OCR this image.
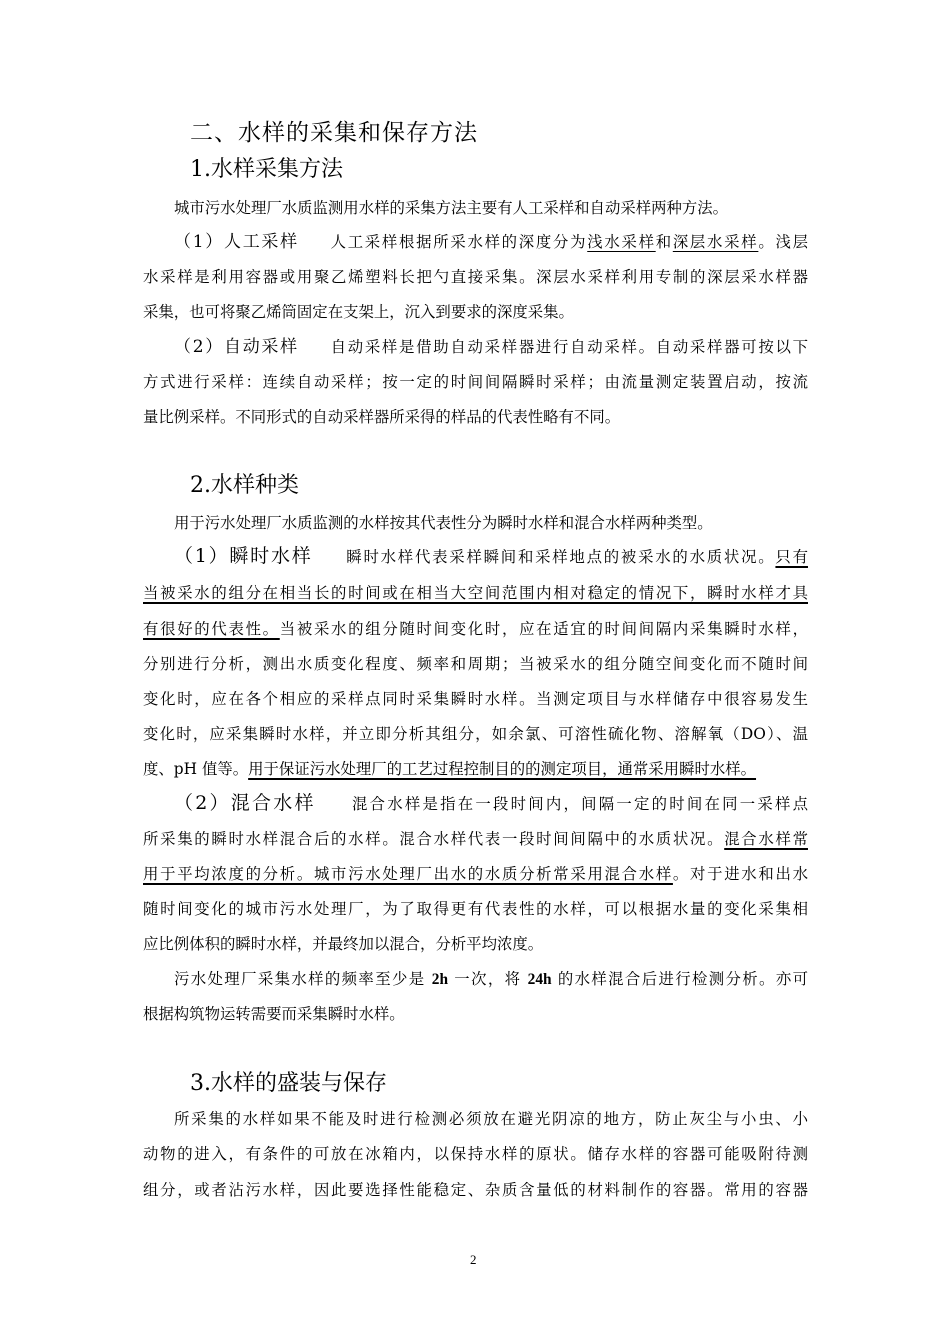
二、水样的采集和保存方法
1.水样采集方法
城市污水处理厂水质监测用水样的采集方法主要有人工采样和自动采样两种方法。
（1）人工采样 人工采样根据所采水样的深度分为浅水采样和深层水采样。浅层
水采样是利用容器或用聚乙烯塑料长把勺直接采集。深层水采样利用专制的深层采水样器
采集，也可将聚乙烯筒固定在支架上，沉入到要求的深度采集。
（2）自动采样 自动采样是借助自动采样器进行自动采样。自动采样器可按以下
方式进行采样：连续自动采样；按一定的时间间隔瞬时采样；由流量测定装置启动，按流
量比例采样。不同形式的自动采样器所采得的样品的代表性略有不同。
2.水样种类
用于污水处理厂水质监测的水样按其代表性分为瞬时水样和混合水样两种类型。
（1）瞬时水样 瞬时水样代表采样瞬间和采样地点的被采水的水质状况。只有
当被采水的组分在相当长的时间或在相当大空间范围内相对稳定的情况下，瞬时水样才具
有很好的代表性。当被采水的组分随时间变化时，应在适宜的时间间隔内采集瞬时水样，
分别进行分析，测出水质变化程度、频率和周期；当被采水的组分随空间变化而不随时间
变化时，应在各个相应的采样点同时采集瞬时水样。当测定项目与水样储存中很容易发生
变化时，应采集瞬时水样，并立即分析其组分，如余氯、可溶性硫化物、溶解氧（DO）、温
度、pH 值等。用于保证污水处理厂的工艺过程控制目的的测定项目，通常采用瞬时水样。
（2）混合水样 混合水样是指在一段时间内，间隔一定的时间在同一采样点
所采集的瞬时水样混合后的水样。混合水样代表一段时间间隔中的水质状况。混合水样常
用于平均浓度的分析。城市污水处理厂出水的水质分析常采用混合水样。对于进水和出水
随时间变化的城市污水处理厂，为了取得更有代表性的水样，可以根据水量的变化采集相
应比例体积的瞬时水样，并最终加以混合，分析平均浓度。
污水处理厂采集水样的频率至少是 2h 一次，将 24h 的水样混合后进行检测分析。亦可
根据构筑物运转需要而采集瞬时水样。
3.水样的盛装与保存
所采集的水样如果不能及时进行检测必须放在避光阴凉的地方，防止灰尘与小虫、小
动物的进入，有条件的可放在冰箱内，以保持水样的原状。储存水样的容器可能吸附待测
组分，或者沾污水样，因此要选择性能稳定、杂质含量低的材料制作的容器。常用的容器
2
